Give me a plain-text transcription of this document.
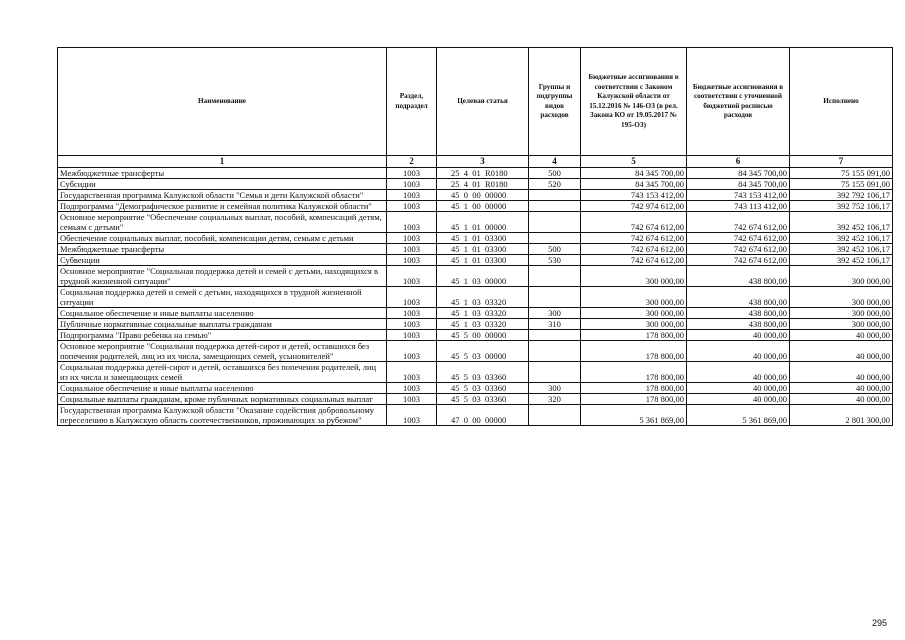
Наименование	Раздел, подраздел	Целевая статья	Группы и подгруппы видов расходов	Бюджетные ассигнования в соответствии с Законом Калужской области от 15.12.2016 № 146-ОЗ (в рел. Закона КО от 19.05.2017 № 195-ОЗ)	Бюджетные ассигнования в соответствии с уточненной бюджетной росписью расходов	Исполнено
1	2	3	4	5	6	7
Межбюджетные трансферты	1003	25  4  01  R0180	500	84 345 700,00	84 345 700,00	75 155 091,00
Субсидии	1003	25  4  01  R0180	520	84 345 700,00	84 345 700,00	75 155 091,00
Государственная программа Калужской области "Семья и дети Калужской области"	1003	45  0  00  00000		743 153 412,00	743 153 412,00	392 792 106,17
Подпрограмма "Демографическое развитие и семейная политика Калужской области"	1003	45  1  00  00000		742 974 612,00	743 113 412,00	392 752 106,17
Основное мероприятие "Обеспечение социальных выплат, пособий, компенсаций детям, семьям с детьми"	1003	45  1  01  00000		742 674 612,00	742 674 612,00	392 452 106,17
Обеспечение социальных выплат, пособий, компенсации детям, семьям с детьми	1003	45  1  01  03300		742 674 612,00	742 674 612,00	392 452 106,17
Межбюджетные трансферты	1003	45  1  01  03300	500	742 674 612,00	742 674 612,00	392 452 106,17
Субвенции	1003	45  1  01  03300	530	742 674 612,00	742 674 612,00	392 452 106,17
Основное мероприятие "Социальная поддержка детей и семей с детьми, находящихся в трудной жизненной ситуации"	1003	45  1  03  00000		300 000,00	438 800,00	300 000,00
Социальная поддержка детей и семей с детьми, находящихся в трудной жизненной ситуации	1003	45  1  03  03320		300 000,00	438 800,00	300 000,00
Социальное обеспечение и иные выплаты населению	1003	45  1  03  03320	300	300 000,00	438 800,00	300 000,00
Публичные нормативные социальные выплаты гражданам	1003	45  1  03  03320	310	300 000,00	438 800,00	300 000,00
Подпрограмма "Право ребенка на семью"	1003	45  5  00  00000		178 800,00	40 000,00	40 000,00
Основное мероприятие "Социальная поддержка детей-сирот и детей, оставшихся без попечения родителей, лиц из их числа, замещающих семей, усыновителей"	1003	45  5  03  00000		178 800,00	40 000,00	40 000,00
Социальная поддержка детей-сирот и детей, оставшихся без попечения родителей, лиц из их числа и замещающих семей	1003	45  5  03  03360		178 800,00	40 000,00	40 000,00
Социальное обеспечение и иные выплаты населению	1003	45  5  03  03360	300	178 800,00	40 000,00	40 000,00
Социальные выплаты гражданам, кроме публичных нормативных социальных выплат	1003	45  5  03  03360	320	178 800,00	40 000,00	40 000,00
Государственная программа Калужской области "Оказание содействия добровольному переселению в Калужскую область соотечественников, проживающих за рубежом"	1003	47  0  00  00000		5 361 869,00	5 361 869,00	2 801 300,00
295
